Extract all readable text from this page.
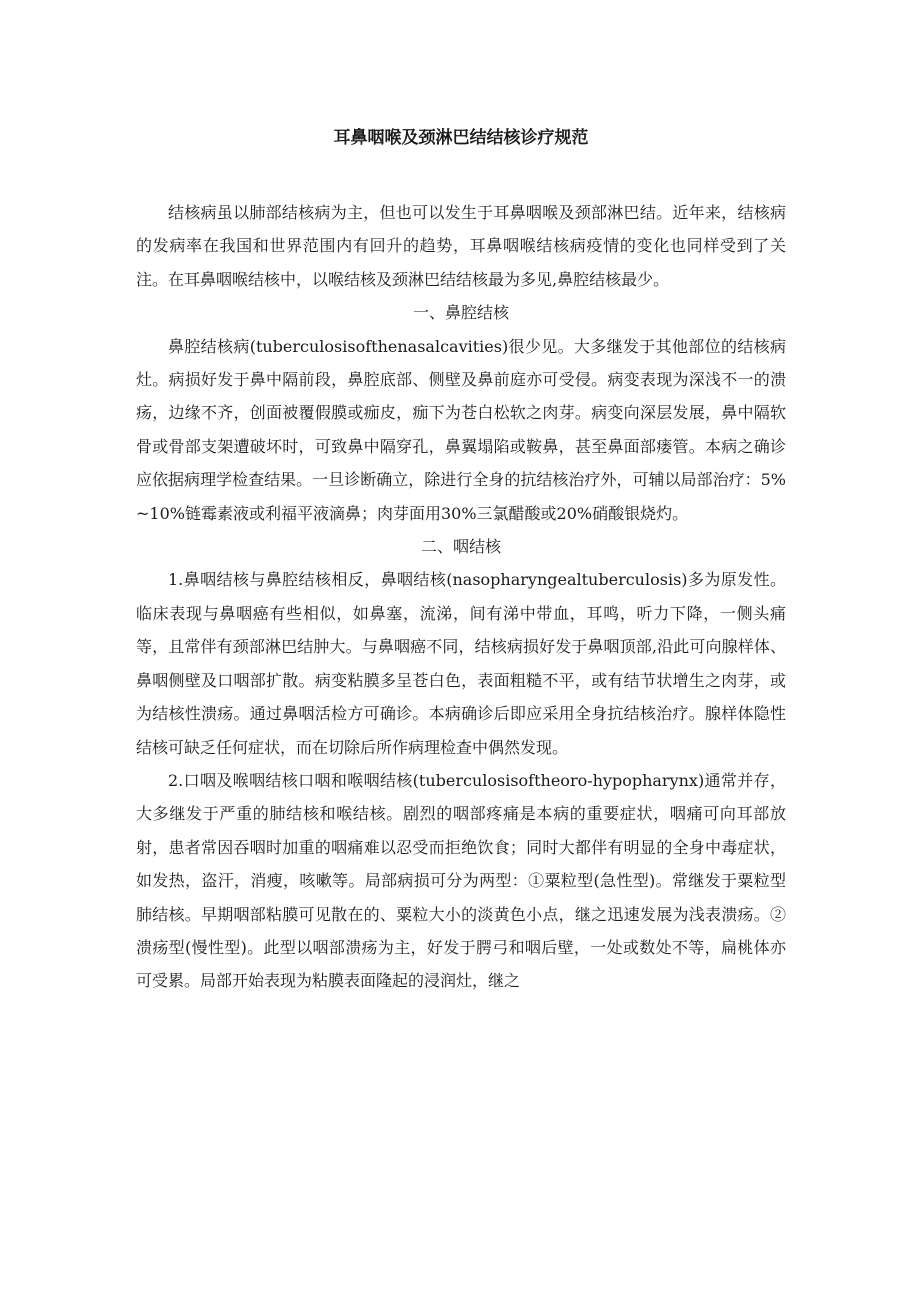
耳鼻咽喉及颈淋巴结结核诊疗规范

结核病虽以肺部结核病为主，但也可以发生于耳鼻咽喉及颈部淋巴结。近年来，结核病的发病率在我国和世界范围内有回升的趋势，耳鼻咽喉结核病疫情的变化也同样受到了关注。在耳鼻咽喉结核中，以喉结核及颈淋巴结结核最为多见,鼻腔结核最少。

一、鼻腔结核

鼻腔结核病(tuberculosisofthenasalcavities)很少见。大多继发于其他部位的结核病灶。病损好发于鼻中隔前段，鼻腔底部、侧壁及鼻前庭亦可受侵。病变表现为深浅不一的溃疡，边缘不齐，创面被覆假膜或痂皮，痂下为苍白松软之肉芽。病变向深层发展，鼻中隔软骨或骨部支架遭破坏时，可致鼻中隔穿孔，鼻翼塌陷或鞍鼻，甚至鼻面部瘘管。本病之确诊应依据病理学检查结果。一旦诊断确立，除进行全身的抗结核治疗外，可辅以局部治疗：5%~10%链霉素液或利福平液滴鼻；肉芽面用30%三氯醋酸或20%硝酸银烧灼。

二、咽结核

1.鼻咽结核与鼻腔结核相反，鼻咽结核(nasopharyngealtuberculosis)多为原发性。临床表现与鼻咽癌有些相似，如鼻塞，流涕，间有涕中带血，耳鸣，听力下降，一侧头痛等，且常伴有颈部淋巴结肿大。与鼻咽癌不同，结核病损好发于鼻咽顶部,沿此可向腺样体、鼻咽侧壁及口咽部扩散。病变粘膜多呈苍白色，表面粗糙不平，或有结节状增生之肉芽，或为结核性溃疡。通过鼻咽活检方可确诊。本病确诊后即应采用全身抗结核治疗。腺样体隐性结核可缺乏任何症状，而在切除后所作病理检查中偶然发现。

2.口咽及喉咽结核口咽和喉咽结核(tuberculosisoftheoro-hypopharynx)通常并存，大多继发于严重的肺结核和喉结核。剧烈的咽部疼痛是本病的重要症状，咽痛可向耳部放射，患者常因吞咽时加重的咽痛难以忍受而拒绝饮食；同时大都伴有明显的全身中毒症状，如发热，盗汗，消瘦，咳嗽等。局部病损可分为两型：①粟粒型(急性型)。常继发于粟粒型肺结核。早期咽部粘膜可见散在的、粟粒大小的淡黄色小点，继之迅速发展为浅表溃疡。②溃疡型(慢性型)。此型以咽部溃疡为主，好发于腭弓和咽后壁，一处或数处不等，扁桃体亦可受累。局部开始表现为粘膜表面隆起的浸润灶，继之
